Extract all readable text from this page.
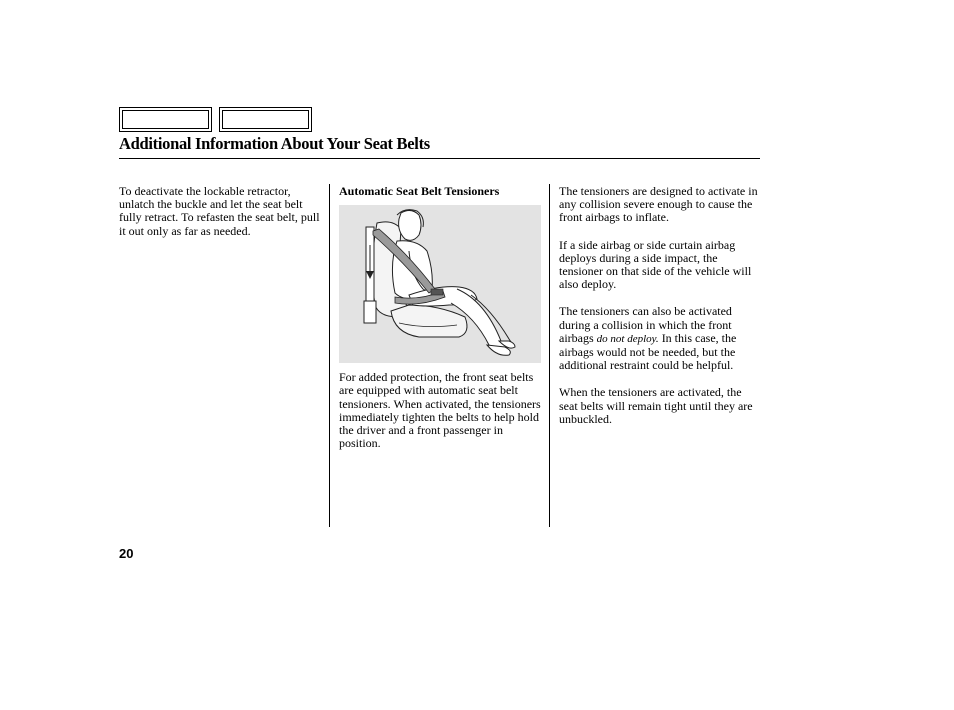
Additional Information About Your Seat Belts

To deactivate the lockable retractor, unlatch the buckle and let the seat belt fully retract. To refasten the seat belt, pull it out only as far as needed.

Automatic Seat Belt Tensioners

For added protection, the front seat belts are equipped with automatic seat belt tensioners. When activated, the tensioners immediately tighten the belts to help hold the driver and a front passenger in position.

The tensioners are designed to activate in any collision severe enough to cause the front airbags to inflate.

If a side airbag or side curtain airbag deploys during a side impact, the tensioner on that side of the vehicle will also deploy.

The tensioners can also be activated during a collision in which the front airbags do not deploy. In this case, the airbags would not be needed, but the additional restraint could be helpful.

When the tensioners are activated, the seat belts will remain tight until they are unbuckled.

20
